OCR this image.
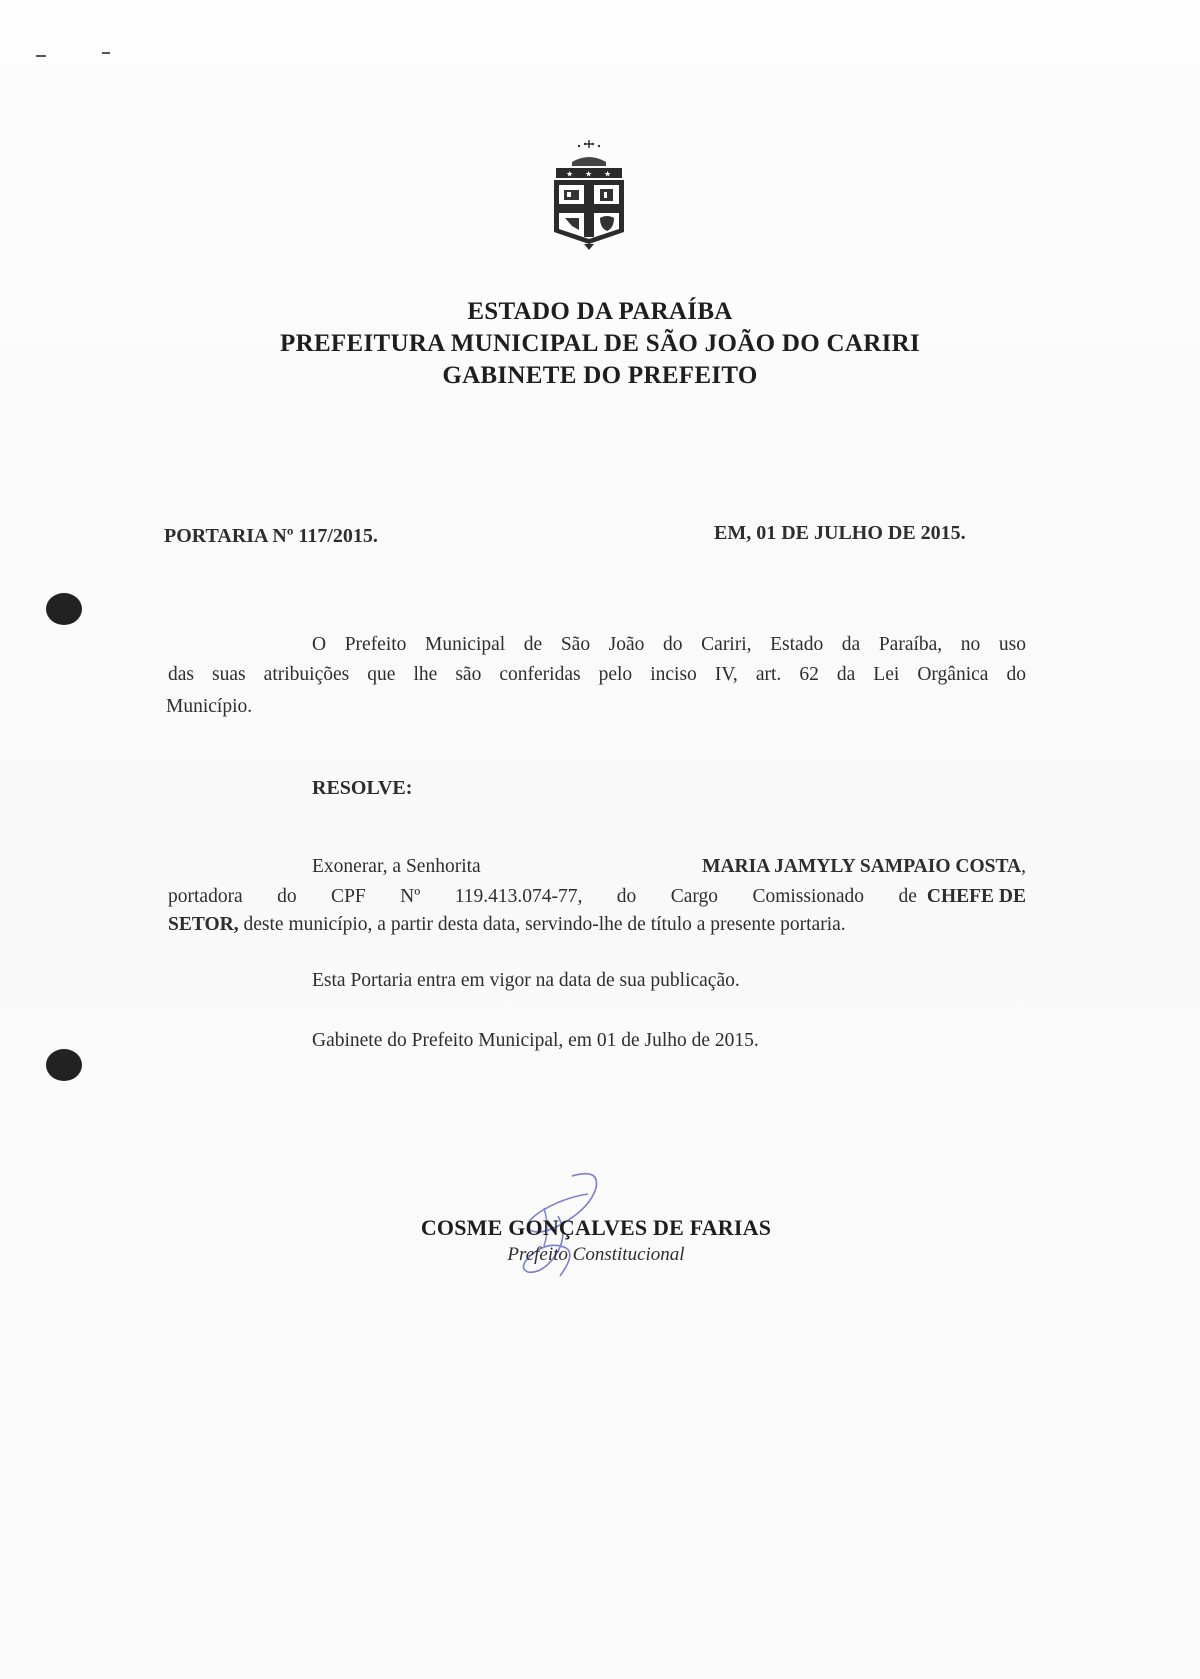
★ ★ ★
ESTADO DA PARAÍBA
PREFEITURA MUNICIPAL DE SÃO JOÃO DO CARIRI
GABINETE DO PREFEITO
PORTARIA Nº 117/2015.	EM, 01 DE JULHO DE 2015.
O Prefeito Municipal de São João do Cariri, Estado da Paraíba, no uso
das suas atribuições que lhe são conferidas pelo inciso IV, art. 62 da Lei Orgânica do
Município.
RESOLVE:
Exonerar, a Senhorita	MARIA JAMYLY SAMPAIO COSTA,
portadora do CPF Nº 119.413.074-77, do Cargo Comissionado de CHEFE DE
SETOR, deste município, a partir desta data, servindo-lhe de título a presente portaria.
Esta Portaria entra em vigor na data de sua publicação.
Gabinete do Prefeito Municipal, em 01 de Julho de 2015.
COSME GONÇALVES DE FARIAS
Prefeito Constitucional
